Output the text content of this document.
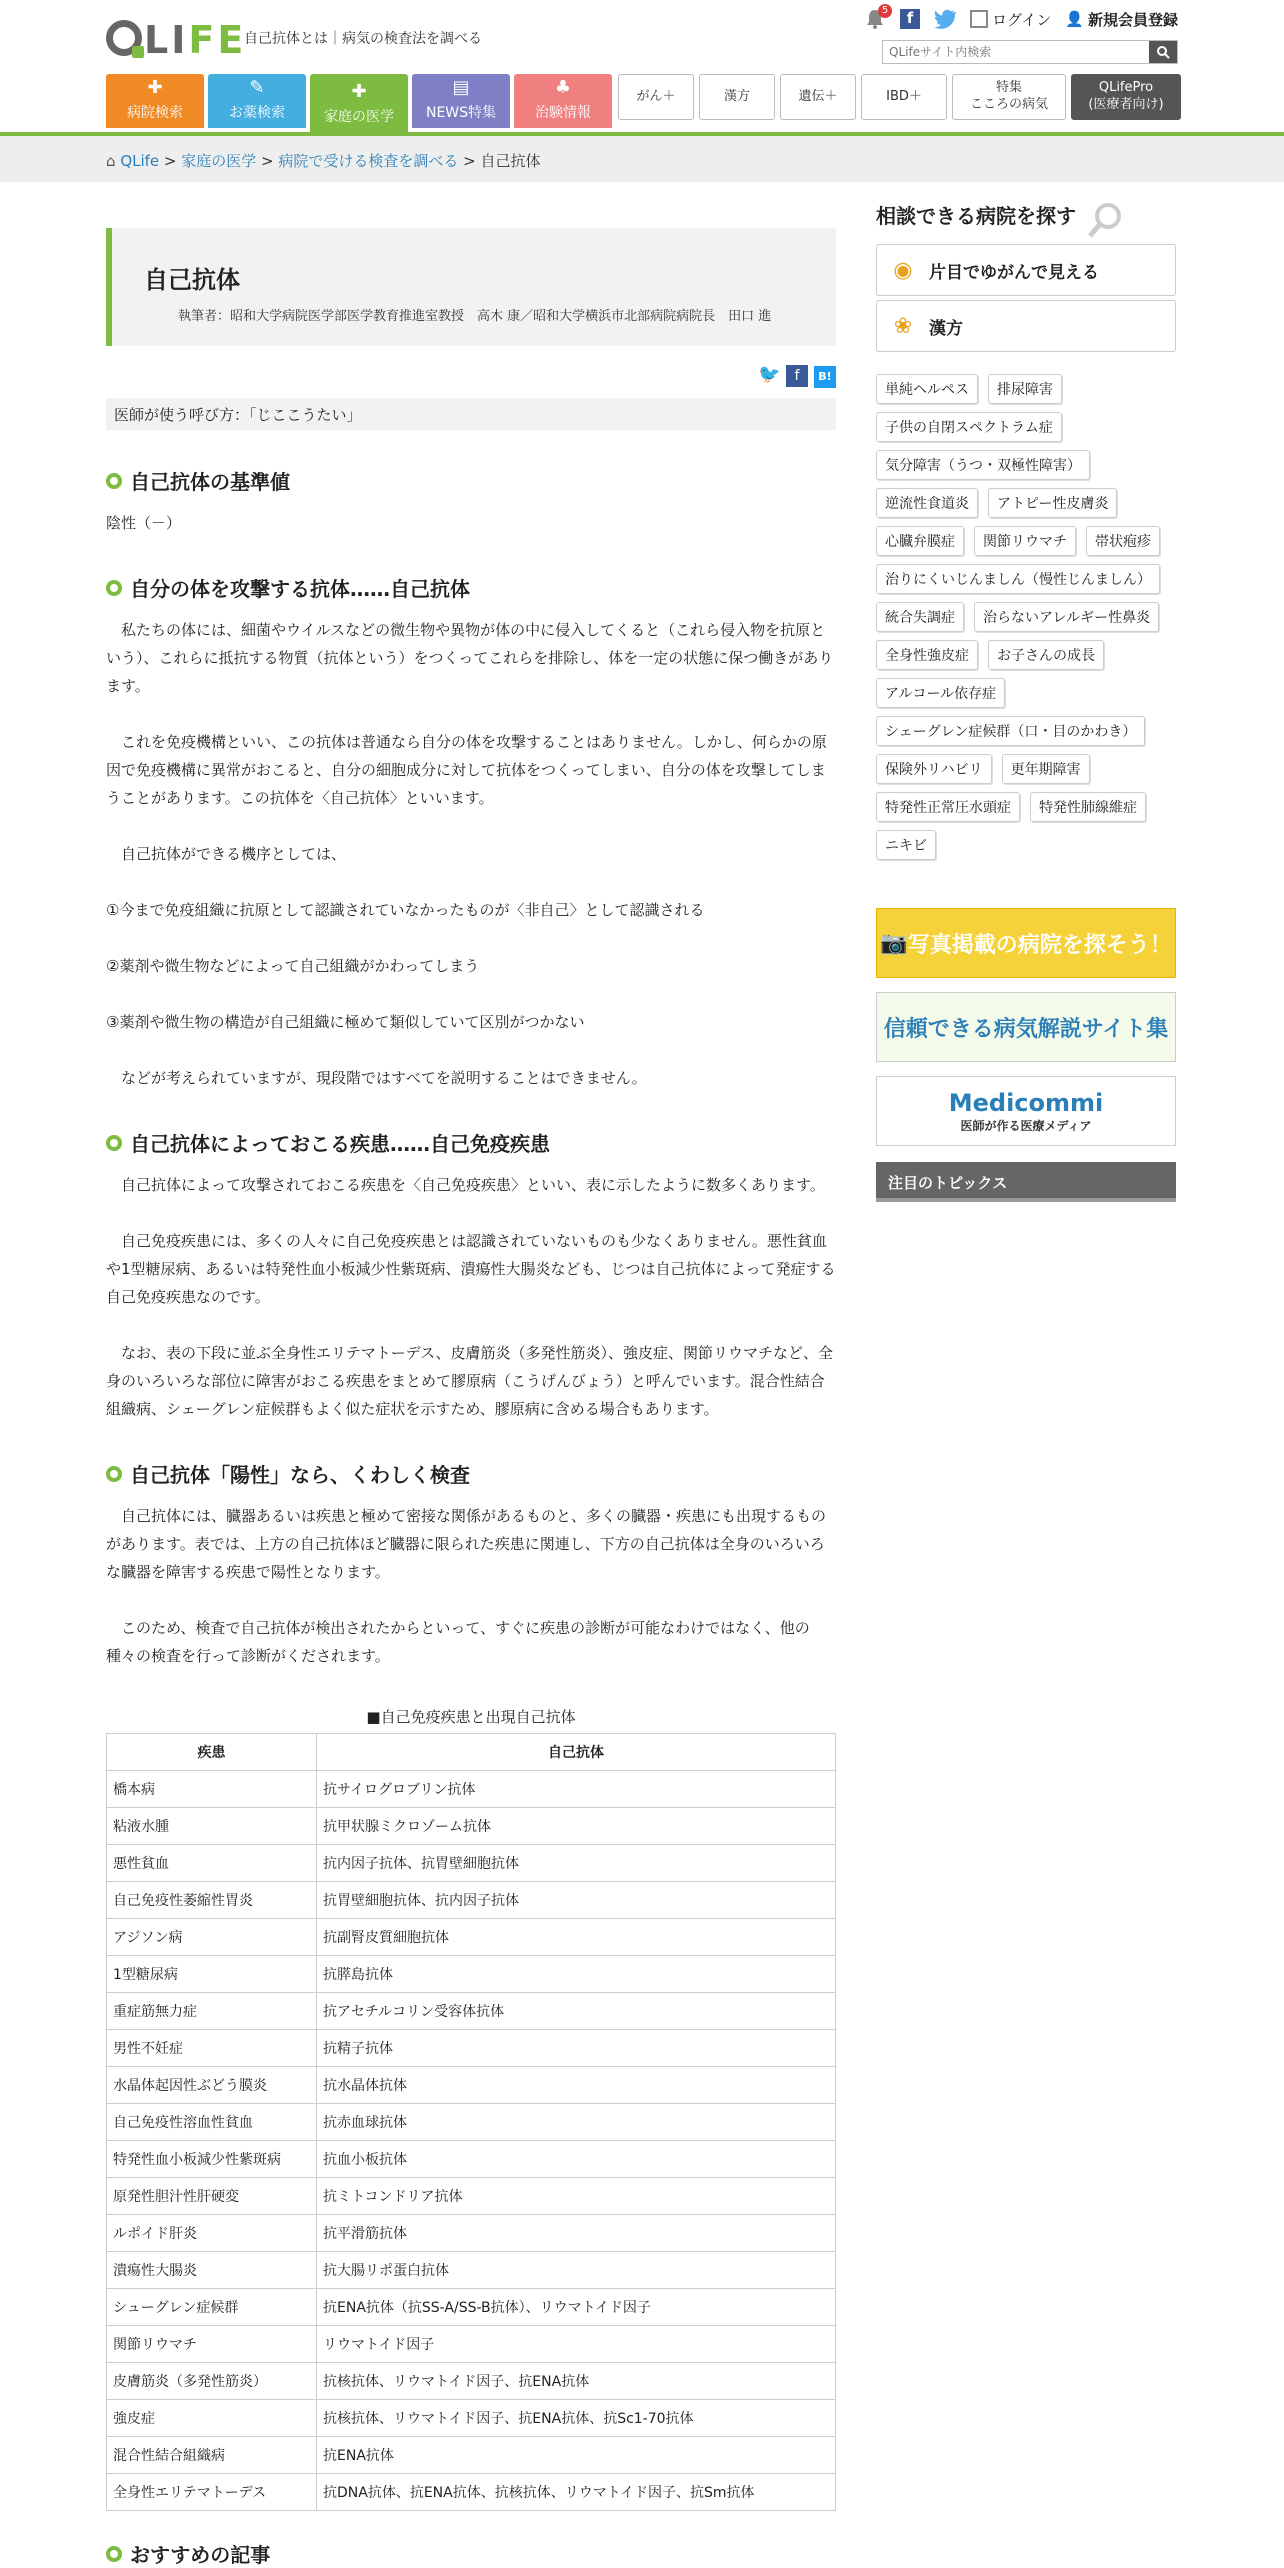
LIFE
自己抗体とは｜病気の検査法を調べる
5	f	ログイン 👤 新規会員登録
QLifeサイト内検索
✚
病院検索
✎
お薬検索
✚
家庭の医学
▤
NEWS特集
♣
治験情報
がん＋	漢方	遺伝＋	IBD＋
特集
こころの病気
QLifePro
(医療者向け)
⌂ QLife > 家庭の医学 > 病院で受ける検査を調べる > 自己抗体
自己抗体
執筆者：昭和大学病院医学部医学教育推進室教授　高木 康／昭和大学横浜市北部病院病院長　田口 進
🐦 f B!
医師が使う呼び方：「じここうたい」
自己抗体の基準値
陰性（－）
自分の体を攻撃する抗体……自己抗体
私たちの体には、細菌やウイルスなどの微生物や異物が体の中に侵入してくると（これら侵入物を抗原という）、これらに抵抗する物質（抗体という）をつくってこれらを排除し、体を一定の状態に保つ働きがあります。
これを免疫機構といい、この抗体は普通なら自分の体を攻撃することはありません。しかし、何らかの原因で免疫機構に異常がおこると、自分の細胞成分に対して抗体をつくってしまい、自分の体を攻撃してしまうことがあります。この抗体を〈自己抗体〉といいます。
自己抗体ができる機序としては、
①今まで免疫組織に抗原として認識されていなかったものが〈非自己〉として認識される
②薬剤や微生物などによって自己組織がかわってしまう
③薬剤や微生物の構造が自己組織に極めて類似していて区別がつかない
などが考えられていますが、現段階ではすべてを説明することはできません。
自己抗体によっておこる疾患……自己免疫疾患
自己抗体によって攻撃されておこる疾患を〈自己免疫疾患〉といい、表に示したように数多くあります。
自己免疫疾患には、多くの人々に自己免疫疾患とは認識されていないものも少なくありません。悪性貧血や1型糖尿病、あるいは特発性血小板減少性紫斑病、潰瘍性大腸炎なども、じつは自己抗体によって発症する自己免疫疾患なのです。
なお、表の下段に並ぶ全身性エリテマトーデス、皮膚筋炎（多発性筋炎）、強皮症、関節リウマチなど、全身のいろいろな部位に障害がおこる疾患をまとめて膠原病（こうげんびょう）と呼んでいます。混合性結合組織病、シェーグレン症候群もよく似た症状を示すため、膠原病に含める場合もあります。
自己抗体「陽性」なら、くわしく検査
自己抗体には、臓器あるいは疾患と極めて密接な関係があるものと、多くの臓器・疾患にも出現するものがあります。表では、上方の自己抗体ほど臓器に限られた疾患に関連し、下方の自己抗体は全身のいろいろな臓器を障害する疾患で陽性となります。
このため、検査で自己抗体が検出されたからといって、すぐに疾患の診断が可能なわけではなく、他の種々の検査を行って診断がくだされます。
■自己免疫疾患と出現自己抗体
疾患	自己抗体
橋本病	抗サイログロブリン抗体
粘液水腫	抗甲状腺ミクロゾーム抗体
悪性貧血	抗内因子抗体、抗胃壁細胞抗体
自己免疫性萎縮性胃炎	抗胃壁細胞抗体、抗内因子抗体
アジソン病	抗副腎皮質細胞抗体
1型糖尿病	抗膵島抗体
重症筋無力症	抗アセチルコリン受容体抗体
男性不妊症	抗精子抗体
水晶体起因性ぶどう膜炎	抗水晶体抗体
自己免疫性溶血性貧血	抗赤血球抗体
特発性血小板減少性紫斑病	抗血小板抗体
原発性胆汁性肝硬変	抗ミトコンドリア抗体
ルポイド肝炎	抗平滑筋抗体
潰瘍性大腸炎	抗大腸リポ蛋白抗体
シューグレン症候群	抗ENA抗体（抗SS-A/SS-B抗体）、リウマトイド因子
関節リウマチ	リウマトイド因子
皮膚筋炎（多発性筋炎）	抗核抗体、リウマトイド因子、抗ENA抗体
強皮症	抗核抗体、リウマトイド因子、抗ENA抗体、抗Sc1-70抗体
混合性結合組織病	抗ENA抗体
全身性エリテマトーデス	抗DNA抗体、抗ENA抗体、抗核抗体、リウマトイド因子、抗Sm抗体
おすすめの記事
相談できる病院を探す
◉ 片目でゆがんで見える
❀ 漢方
単純ヘルペス	排尿障害
子供の自閉スペクトラム症
気分障害（うつ・双極性障害）
逆流性食道炎	アトピー性皮膚炎
心臓弁膜症	関節リウマチ	帯状疱疹
治りにくいじんましん（慢性じんましん）
統合失調症	治らないアレルギー性鼻炎
全身性強皮症	お子さんの成長
アルコール依存症
シェーグレン症候群（口・目のかわき）
保険外リハビリ	更年期障害
特発性正常圧水頭症	特発性肺線維症
ニキビ
📷 写真掲載の病院を探そう！
信頼できる病気解説サイト集
Medicommi
医師が作る医療メディア
注目のトピックス
